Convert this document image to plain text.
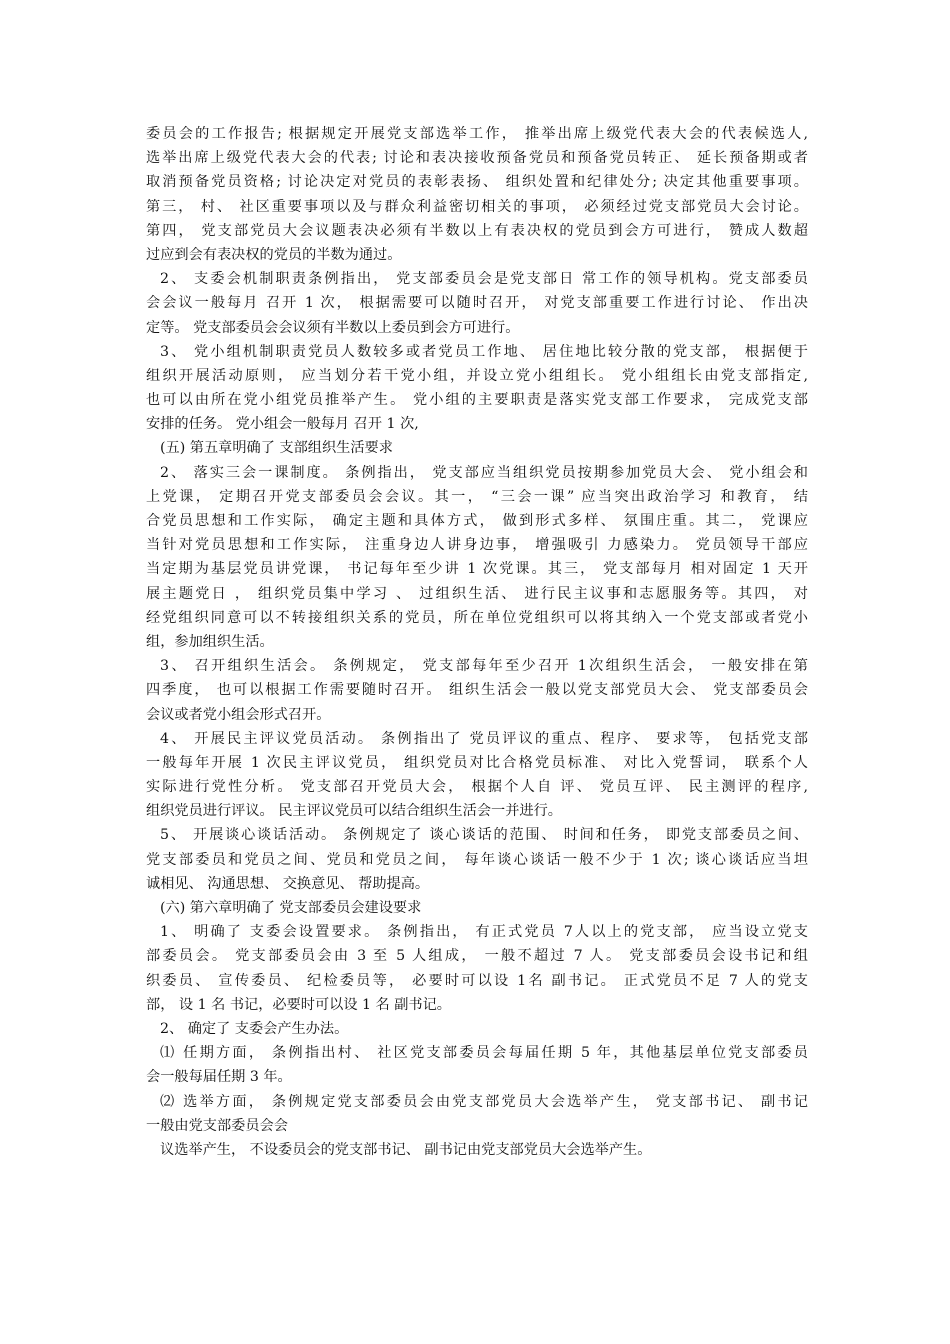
委员会的工作报告; 根据规定开展党支部选举工作， 推举出席上级党代表大会的代表候选人,
选举出席上级党代表大会的代表; 讨论和表决接收预备党员和预备党员转正、 延长预备期或者
取消预备党员资格; 讨论决定对党员的表彰表扬、 组织处置和纪律处分; 决定其他重要事项。
第三， 村、 社区重要事项以及与群众利益密切相关的事项， 必须经过党支部党员大会讨论。
第四， 党支部党员大会议题表决必须有半数以上有表决权的党员到会方可进行， 赞成人数超
过应到会有表决权的党员的半数为通过。
2、 支委会机制职责条例指出， 党支部委员会是党支部日 常工作的领导机构。党支部委员
会会议一般每月 召开 1 次， 根据需要可以随时召开， 对党支部重要工作进行讨论、 作出决
定等。 党支部委员会会议须有半数以上委员到会方可进行。
3、 党小组机制职责党员人数较多或者党员工作地、 居住地比较分散的党支部， 根据便于
组织开展活动原则， 应当划分若干党小组，并设立党小组组长。 党小组组长由党支部指定,
也可以由所在党小组党员推举产生。 党小组的主要职责是落实党支部工作要求， 完成党支部
安排的任务。 党小组会一般每月 召开 1 次,
(五) 第五章明确了 支部组织生活要求
2、 落实三会一课制度。 条例指出， 党支部应当组织党员按期参加党员大会、 党小组会和
上党课， 定期召开党支部委员会会议。其一， “三会一课” 应当突出政治学习 和教育， 结
合党员思想和工作实际， 确定主题和具体方式， 做到形式多样、 氛围庄重。其二， 党课应
当针对党员思想和工作实际， 注重身边人讲身边事， 增强吸引 力感染力。 党员领导干部应
当定期为基层党员讲党课， 书记每年至少讲 1 次党课。其三， 党支部每月 相对固定 1 天开
展主题党日 ， 组织党员集中学习 、 过组织生活、 进行民主议事和志愿服务等。其四， 对
经党组织同意可以不转接组织关系的党员，所在单位党组织可以将其纳入一个党支部或者党小
组，参加组织生活。
3、 召开组织生活会。 条例规定， 党支部每年至少召开 1次组织生活会， 一般安排在第
四季度， 也可以根据工作需要随时召开。 组织生活会一般以党支部党员大会、 党支部委员会
会议或者党小组会形式召开。
4、 开展民主评议党员活动。 条例指出了 党员评议的重点、程序、 要求等， 包括党支部
一般每年开展 1 次民主评议党员， 组织党员对比合格党员标准、 对比入党誓词， 联系个人
实际进行党性分析。 党支部召开党员大会， 根据个人自 评、 党员互评、 民主测评的程序,
组织党员进行评议。 民主评议党员可以结合组织生活会一并进行。
5、 开展谈心谈话活动。 条例规定了 谈心谈话的范围、 时间和任务， 即党支部委员之间、
党支部委员和党员之间、党员和党员之间， 每年谈心谈话一般不少于 1 次; 谈心谈话应当坦
诚相见、 沟通思想、 交换意见、 帮助提高。
(六) 第六章明确了 党支部委员会建设要求
1、 明确了 支委会设置要求。 条例指出， 有正式党员 7人以上的党支部， 应当设立党支
部委员会。 党支部委员会由 3 至 5 人组成， 一般不超过 7 人。 党支部委员会设书记和组
织委员、 宣传委员、 纪检委员等， 必要时可以设 1名 副书记。 正式党员不足 7 人的党支
部， 设 1 名 书记，必要时可以设 1 名 副书记。
2、 确定了 支委会产生办法。
⑴ 任期方面， 条例指出村、 社区党支部委员会每届任期 5 年，其他基层单位党支部委员
会一般每届任期 3 年。
⑵ 选举方面， 条例规定党支部委员会由党支部党员大会选举产生， 党支部书记、 副书记
一般由党支部委员会会
议选举产生， 不设委员会的党支部书记、 副书记由党支部党员大会选举产生。
